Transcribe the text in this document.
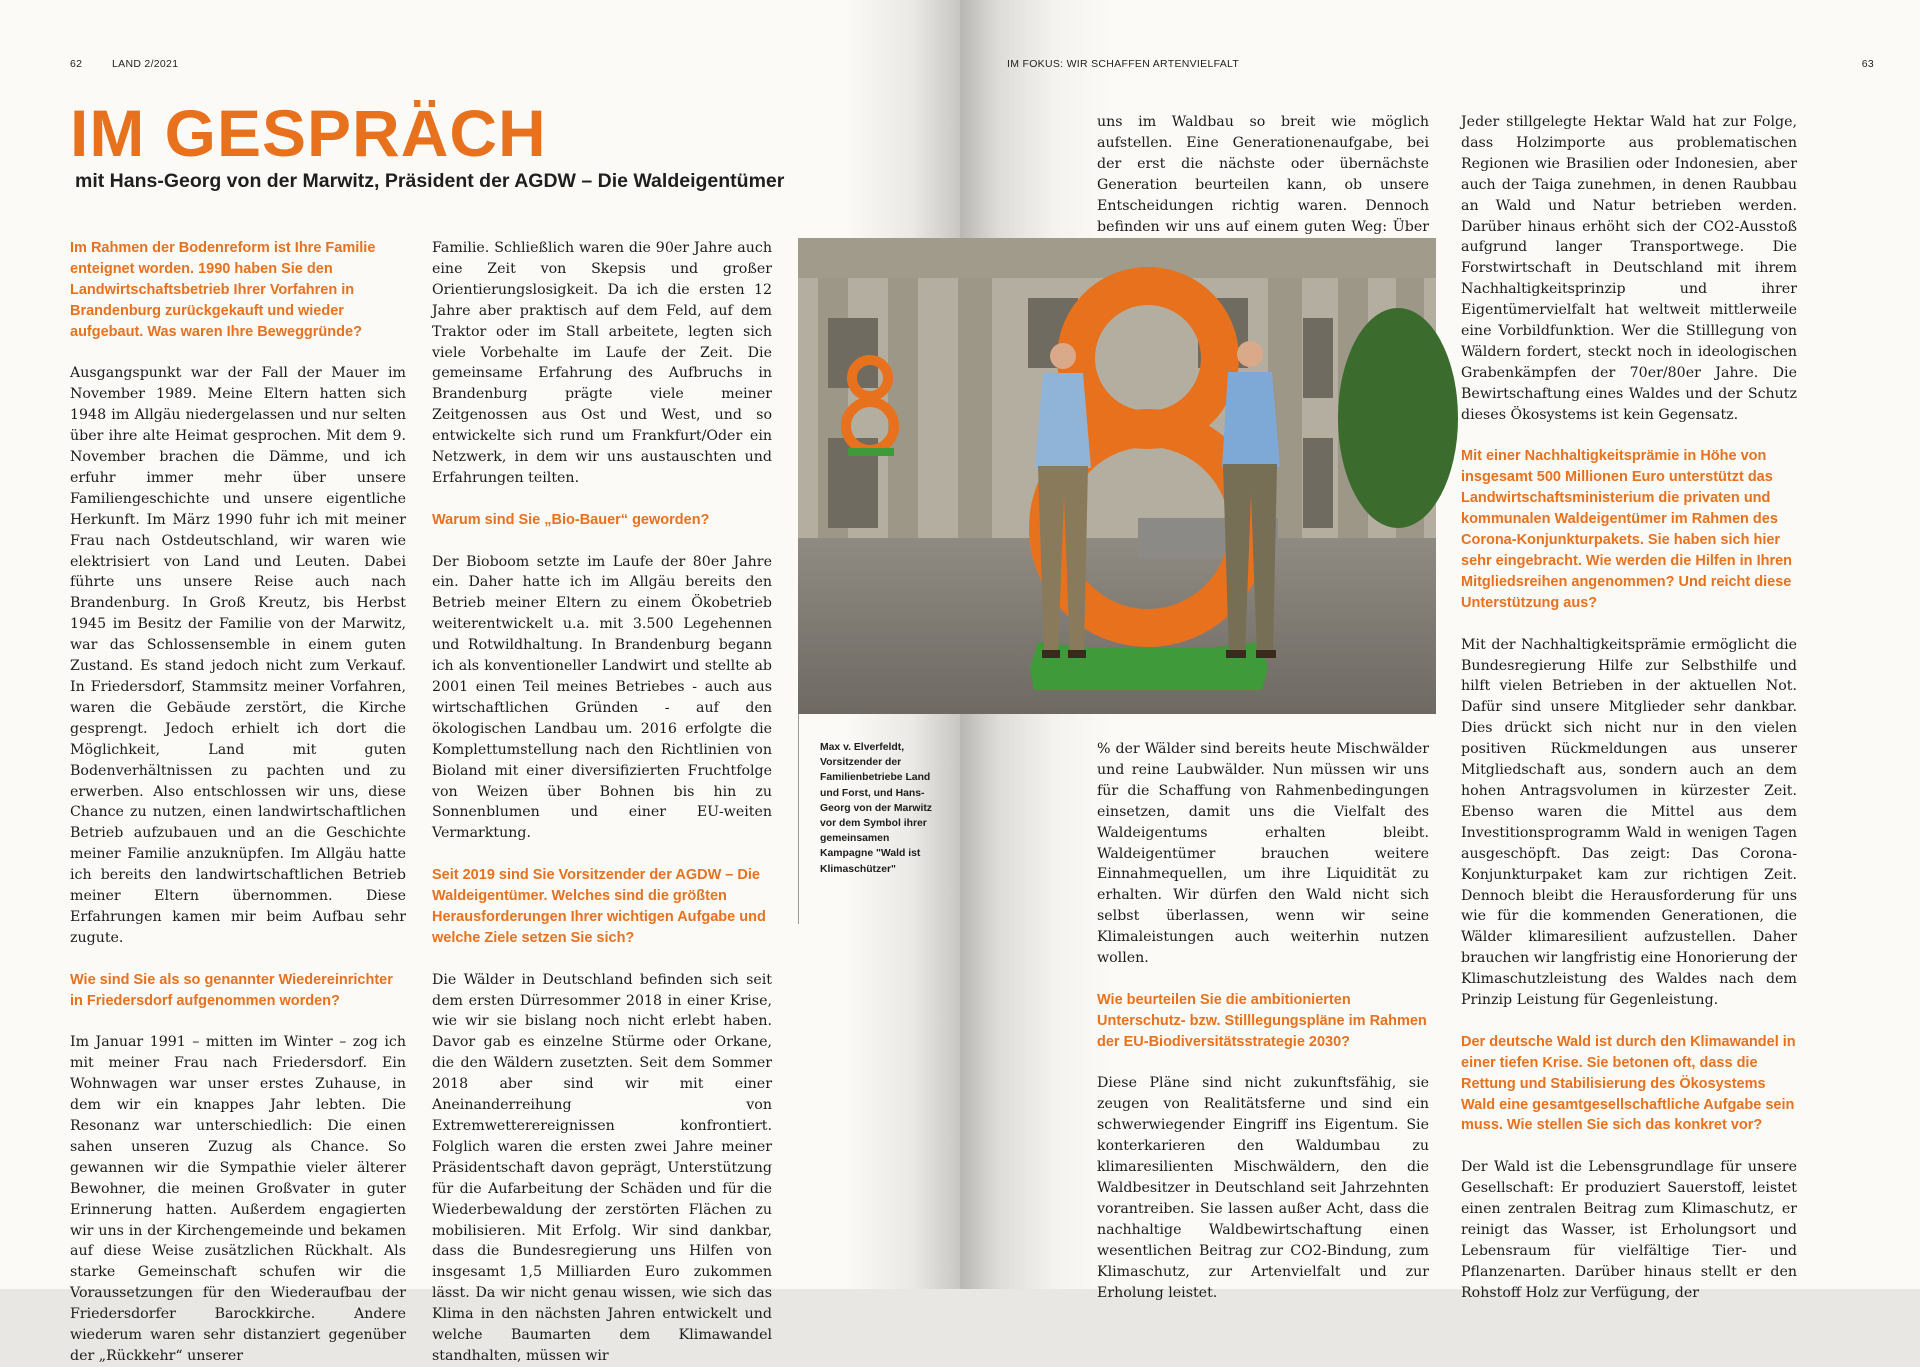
62	LAND 2/2021
IM GESPRÄCH
mit Hans-Georg von der Marwitz, Präsident der AGDW – Die Waldeigentümer

Im Rahmen der Bodenreform ist Ihre Familie enteignet worden. 1990 haben Sie den Landwirtschaftsbetrieb Ihrer Vorfahren in Brandenburg zurückgekauft und wieder aufgebaut. Was waren Ihre Beweggründe?

Ausgangspunkt war der Fall der Mauer im November 1989. Meine Eltern hatten sich 1948 im Allgäu niedergelassen und nur selten über ihre alte Heimat gesprochen. Mit dem 9. November brachen die Dämme, und ich erfuhr immer mehr über unsere Familiengeschichte und unsere eigentliche Herkunft. Im März 1990 fuhr ich mit meiner Frau nach Ostdeutschland, wir waren wie elektrisiert von Land und Leuten. Dabei führte uns unsere Reise auch nach Brandenburg. In Groß Kreutz, bis Herbst 1945 im Besitz der Familie von der Marwitz, war das Schlossensemble in einem guten Zustand. Es stand jedoch nicht zum Verkauf. In Friedersdorf, Stammsitz meiner Vorfahren, waren die Gebäude zerstört, die Kirche gesprengt. Jedoch erhielt ich dort die Möglichkeit, Land mit guten Bodenverhältnissen zu pachten und zu erwerben. Also entschlossen wir uns, diese Chance zu nutzen, einen landwirtschaftlichen Betrieb aufzubauen und an die Geschichte meiner Familie anzuknüpfen. Im Allgäu hatte ich bereits den landwirtschaftlichen Betrieb meiner Eltern übernommen. Diese Erfahrungen kamen mir beim Aufbau sehr zugute.

Wie sind Sie als so genannter Wiedereinrichter in Friedersdorf aufgenommen worden?

Im Januar 1991 – mitten im Winter – zog ich mit meiner Frau nach Friedersdorf. Ein Wohnwagen war unser erstes Zuhause, in dem wir ein knappes Jahr lebten. Die Resonanz war unterschiedlich: Die einen sahen unseren Zuzug als Chance. So gewannen wir die Sympathie vieler älterer Bewohner, die meinen Großvater in guter Erinnerung hatten. Außerdem engagierten wir uns in der Kirchengemeinde und bekamen auf diese Weise zusätzlichen Rückhalt. Als starke Gemeinschaft schufen wir die Voraussetzungen für den Wiederaufbau der Friedersdorfer Barockkirche. Andere wiederum waren sehr distanziert gegenüber der „Rückkehr“ unserer

Familie. Schließlich waren die 90er Jahre auch eine Zeit von Skepsis und großer Orientierungslosigkeit. Da ich die ersten 12 Jahre aber praktisch auf dem Feld, auf dem Traktor oder im Stall arbeitete, legten sich viele Vorbehalte im Laufe der Zeit. Die gemeinsame Erfahrung des Aufbruchs in Brandenburg prägte viele meiner Zeitgenossen aus Ost und West, und so entwickelte sich rund um Frankfurt/Oder ein Netzwerk, in dem wir uns austauschten und Erfahrungen teilten.

Warum sind Sie „Bio-Bauer“ geworden?

Der Bioboom setzte im Laufe der 80er Jahre ein. Daher hatte ich im Allgäu bereits den Betrieb meiner Eltern zu einem Ökobetrieb weiterentwickelt u.a. mit 3.500 Legehennen und Rotwildhaltung. In Brandenburg begann ich als konventioneller Landwirt und stellte ab 2001 einen Teil meines Betriebes - auch aus wirtschaftlichen Gründen - auf den ökologischen Landbau um. 2016 erfolgte die Komplettumstellung nach den Richtlinien von Bioland mit einer diversifizierten Fruchtfolge von Weizen über Bohnen bis hin zu Sonnenblumen und einer EU-weiten Vermarktung.

Seit 2019 sind Sie Vorsitzender der AGDW – Die Waldeigentümer. Welches sind die größten Herausforderungen Ihrer wichtigen Aufgabe und welche Ziele setzen Sie sich?

Die Wälder in Deutschland befinden sich seit dem ersten Dürresommer 2018 in einer Krise, wie wir sie bislang noch nicht erlebt haben. Davor gab es einzelne Stürme oder Orkane, die den Wäldern zusetzten. Seit dem Sommer 2018 aber sind wir mit einer Aneinanderreihung von Extremwetterereignissen konfrontiert. Folglich waren die ersten zwei Jahre meiner Präsidentschaft davon geprägt, Unterstützung für die Aufarbeitung der Schäden und für die Wiederbewaldung der zerstörten Flächen zu mobilisieren. Mit Erfolg. Wir sind dankbar, dass die Bundesregierung uns Hilfen von insgesamt 1,5 Milliarden Euro zukommen lässt. Da wir nicht genau wissen, wie sich das Klima in den nächsten Jahren entwickelt und welche Baumarten dem Klimawandel standhalten, müssen wir

IM FOKUS: WIR SCHAFFEN ARTENVIELFALT	63
uns im Waldbau so breit wie möglich aufstellen. Eine Generationenaufgabe, bei der erst die nächste oder übernächste Generation beurteilen kann, ob unsere Entscheidungen richtig waren. Dennoch befinden wir uns auf einem guten Weg: Über

% der Wälder sind bereits heute Mischwälder und reine Laubwälder. Nun müssen wir uns für die Schaffung von Rahmenbedingungen einsetzen, damit uns die Vielfalt des Waldeigentums erhalten bleibt. Waldeigentümer brauchen weitere Einnahmequellen, um ihre Liquidität zu erhalten. Wir dürfen den Wald nicht sich selbst überlassen, wenn wir seine Klimaleistungen auch weiterhin nutzen wollen.

Wie beurteilen Sie die ambitionierten Unterschutz- bzw. Stilllegungspläne im Rahmen der EU-Biodiversitätsstrategie 2030?

Diese Pläne sind nicht zukunftsfähig, sie zeugen von Realitätsferne und sind ein schwerwiegender Eingriff ins Eigentum. Sie konterkarieren den Waldumbau zu klimaresilienten Mischwäldern, den die Waldbesitzer in Deutschland seit Jahrzehnten vorantreiben. Sie lassen außer Acht, dass die nachhaltige Waldbewirtschaftung einen wesentlichen Beitrag zur CO2-Bindung, zum Klimaschutz, zur Artenvielfalt und zur Erholung leistet.

Jeder stillgelegte Hektar Wald hat zur Folge, dass Holzimporte aus problematischen Regionen wie Brasilien oder Indonesien, aber auch der Taiga zunehmen, in denen Raubbau an Wald und Natur betrieben werden. Darüber hinaus erhöht sich der CO2-Ausstoß aufgrund langer Transportwege. Die Forstwirtschaft in Deutschland mit ihrem Nachhaltigkeitsprinzip und ihrer Eigentümervielfalt hat weltweit mittlerweile eine Vorbildfunktion. Wer die Stilllegung von Wäldern fordert, steckt noch in ideologischen Grabenkämpfen der 70er/80er Jahre. Die Bewirtschaftung eines Waldes und der Schutz dieses Ökosystems ist kein Gegensatz.

Mit einer Nachhaltigkeitsprämie in Höhe von insgesamt 500 Millionen Euro unterstützt das Landwirtschaftsministerium die privaten und kommunalen Waldeigentümer im Rahmen des Corona-Konjunkturpakets. Sie haben sich hier sehr eingebracht. Wie werden die Hilfen in Ihren Mitgliedsreihen angenommen? Und reicht diese Unterstützung aus?

Mit der Nachhaltigkeitsprämie ermöglicht die Bundesregierung Hilfe zur Selbsthilfe und hilft vielen Betrieben in der aktuellen Not. Dafür sind unsere Mitglieder sehr dankbar. Dies drückt sich nicht nur in den vielen positiven Rückmeldungen aus unserer Mitgliedschaft aus, sondern auch an dem hohen Antragsvolumen in kürzester Zeit. Ebenso waren die Mittel aus dem Investitionsprogramm Wald in wenigen Tagen ausgeschöpft. Das zeigt: Das Corona-Konjunkturpaket kam zur richtigen Zeit. Dennoch bleibt die Herausforderung für uns wie für die kommenden Generationen, die Wälder klimaresilient aufzustellen. Daher brauchen wir langfristig eine Honorierung der Klimaschutzleistung des Waldes nach dem Prinzip Leistung für Gegenleistung.

Der deutsche Wald ist durch den Klimawandel in einer tiefen Krise. Sie betonen oft, dass die Rettung und Stabilisierung des Ökosystems Wald eine gesamtgesellschaftliche Aufgabe sein muss. Wie stellen Sie sich das konkret vor?

Der Wald ist die Lebensgrundlage für unsere Gesellschaft: Er produziert Sauerstoff, leistet einen zentralen Beitrag zum Klimaschutz, er reinigt das Wasser, ist Erholungsort und Lebensraum für vielfältige Tier- und Pflanzenarten. Darüber hinaus stellt er den Rohstoff Holz zur Verfügung, der

Max v. Elverfeldt, Vorsitzender der Familienbetriebe Land und Forst, und Hans-Georg von der Marwitz vor dem Symbol ihrer gemeinsamen Kampagne "Wald ist Klimaschützer"
